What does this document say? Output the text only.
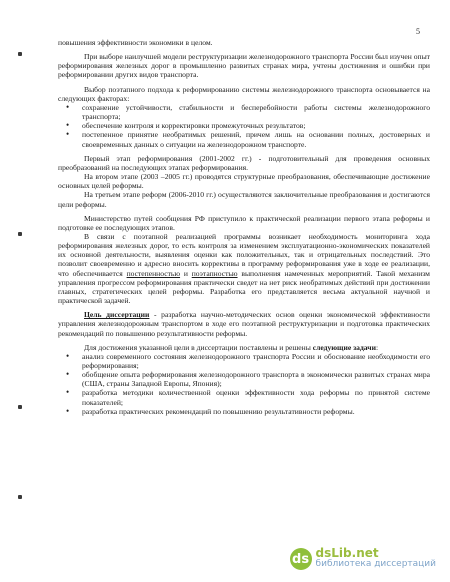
5

повышения эффективности экономики в целом.

При выборе наилучшей модели реструктуризации железнодорожного транспорта России был изучен опыт реформирования железных дорог в промышленно развитых странах мира, учтены достижения и ошибки при реформировании других видов транспорта.

Выбор поэтапного подхода к реформированию системы железнодорожного транспорта основывается на следующих факторах:

• сохранение устойчивости, стабильности и бесперебойности работы системы железнодорожного транспорта;
• обеспечение контроля и корректировки промежуточных результатов;
• постепенное принятие необратимых решений, причем лишь на основании полных, достоверных и своевременных данных о ситуации на железнодорожном транспорте.

Первый этап реформирования (2001-2002 гг.) - подготовительный для проведения основных преобразований на последующих этапах реформирования.

На втором этапе (2003 –2005 гг.) проводятся структурные преобразования, обеспечивающие достижение основных целей реформы.

На третьем этапе реформ (2006-2010 гг.) осуществляются заключительные преобразования и достигаются цели реформы.

Министерство путей сообщения РФ приступило к практической реализации первого этапа реформы и подготовке ее последующих этапов.

В связи с поэтапной реализацией программы возникает необходимость мониторинга хода реформирования железных дорог, то есть контроля за изменением эксплуатационно-экономических показателей их основной деятельности, выявления оценки как положительных, так и отрицательных последствий. Это позволит своевременно и адресно вносить коррективы в программу реформирования уже в ходе ее реализации, что обеспечивается постепенностью и поэтапностью выполнения намеченных мероприятий. Такой механизм управления прогрессом реформирования практически сведет на нет риск необратимых действий при достижении главных, стратегических целей реформы. Разработка его представляется весьма актуальной научной и практической задачей.

Цель диссертации - разработка научно-методических основ оценки экономической эффективности управления железнодорожным транспортом в ходе его поэтапной реструктуризации и подготовка практических рекомендаций по повышению результативности реформы.

Для достижения указанной цели в диссертации поставлены и решены следующие задачи:

• анализ современного состояния железнодорожного транспорта России и обоснование необходимости его реформирования;
• обобщение опыта реформирования железнодорожного транспорта в экономически развитых странах мира (США, страны Западной Европы, Япония);
• разработка методики количественной оценки эффективности хода реформы по принятой системе показателей;
• разработка практических рекомендаций по повышению результативности реформы.
ds dsLib.net
библиотека диссертаций
